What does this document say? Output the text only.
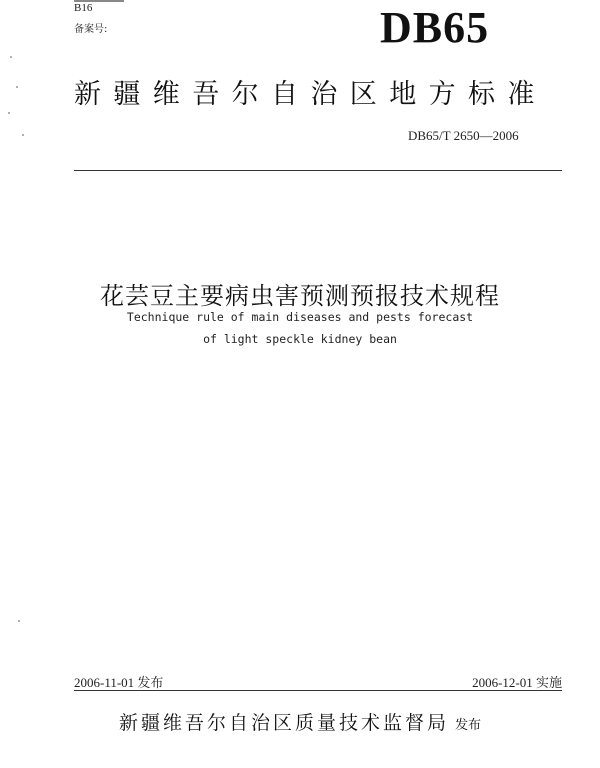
B16
备案号:	DB65
新疆维吾尔自治区地方标准
DB65/T 2650—2006
花芸豆主要病虫害预测预报技术规程
Technique rule of main diseases and pests forecast
of light speckle kidney bean
2006-11-01 发布	2006-12-01 实施
新疆维吾尔自治区质量技术监督局 发布
